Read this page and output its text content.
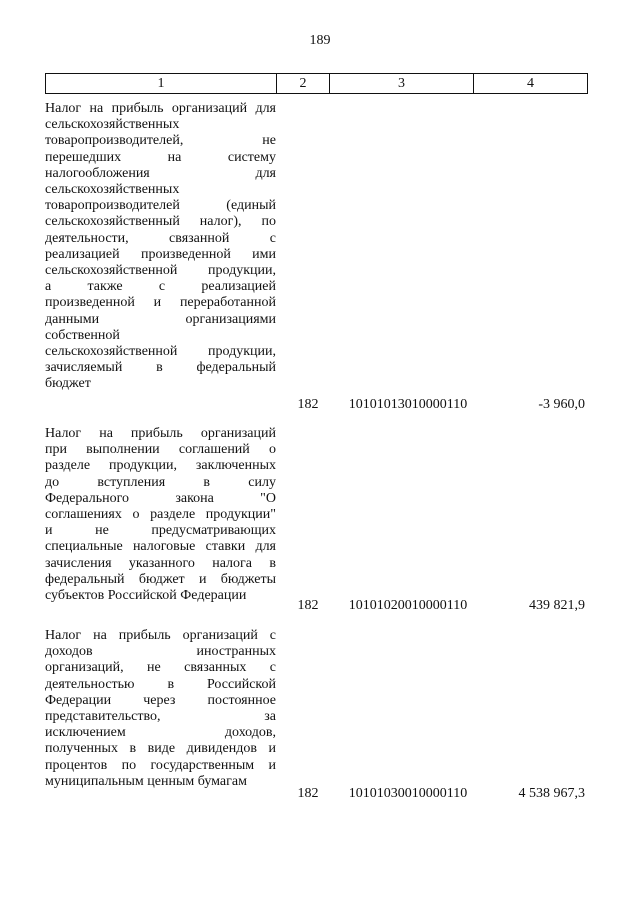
189
1	2	3	4
Налог на прибыль организаций для
сельскохозяйственных
товаропроизводителей, не
перешедших на систему
налогообложения для
сельскохозяйственных
товаропроизводителей (единый
сельскохозяйственный налог), по
деятельности, связанной с
реализацией произведенной ими
сельскохозяйственной продукции,
а также с реализацией
произведенной и переработанной
данными организациями
собственной
сельскохозяйственной продукции,
зачисляемый в федеральный
бюджет
182	10101013010000110	-3 960,0
Налог на прибыль организаций
при выполнении соглашений о
разделе продукции, заключенных
до вступления в силу
Федерального закона "О
соглашениях о разделе продукции"
и не предусматривающих
специальные налоговые ставки для
зачисления указанного налога в
федеральный бюджет и бюджеты
субъектов Российской Федерации
182	10101020010000110	439 821,9
Налог на прибыль организаций с
доходов иностранных
организаций, не связанных с
деятельностью в Российской
Федерации через постоянное
представительство, за
исключением доходов,
полученных в виде дивидендов и
процентов по государственным и
муниципальным ценным бумагам
182	10101030010000110	4 538 967,3
